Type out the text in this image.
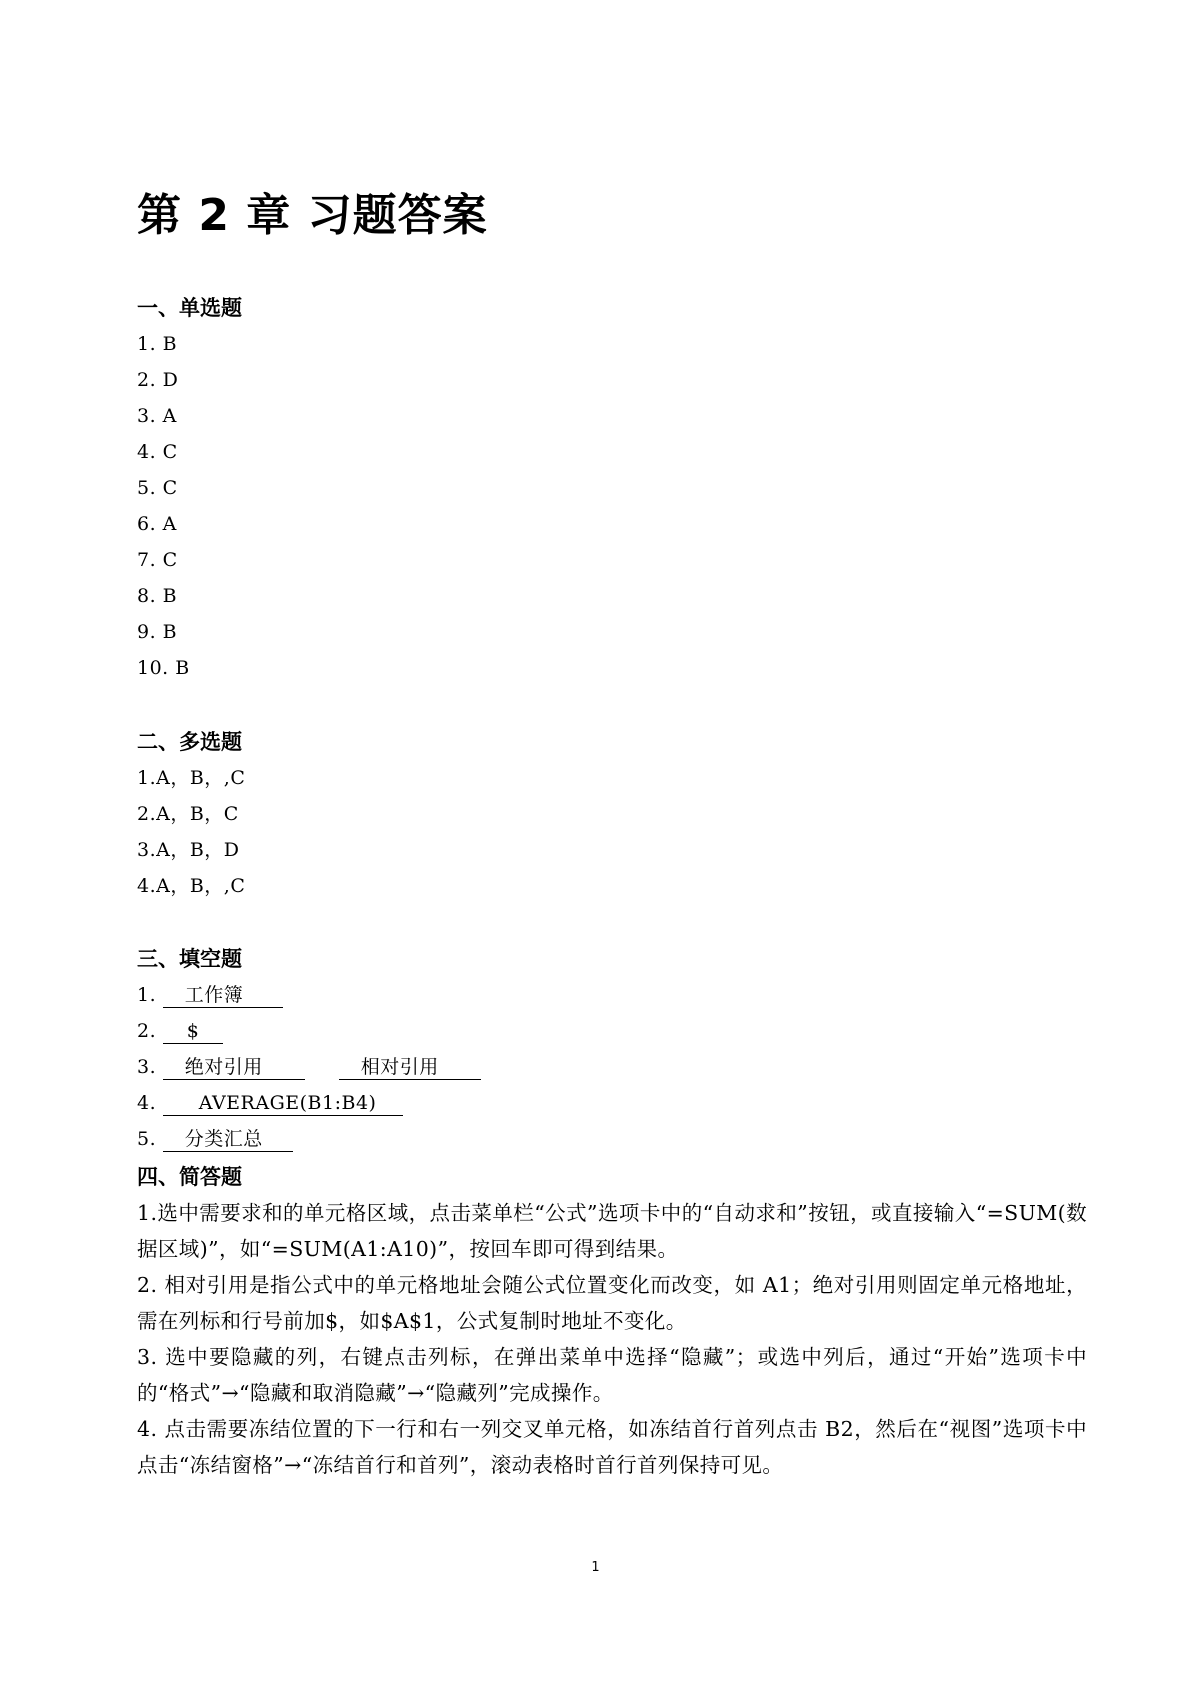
第 2 章 习题答案
一、单选题
1. B
2. D
3. A
4. C
5. C
6. A
7. C
8. B
9. B
10. B
二、多选题
1.A，B，,C
2.A，B，C
3.A，B，D
4.A，B，,C
三、填空题
1. 工作簿
2. $
3. 绝对引用	相对引用
4. AVERAGE(B1:B4)
5. 分类汇总
四、简答题
1.选中需要求和的单元格区域，点击菜单栏“公式”选项卡中的“自动求和”按钮，或直接输入“=SUM(数据区域)”，如“=SUM(A1:A10)”，按回车即可得到结果。
2. 相对引用是指公式中的单元格地址会随公式位置变化而改变，如 A1；绝对引用则固定单元格地址，需在列标和行号前加$，如$A$1，公式复制时地址不变化。
3. 选中要隐藏的列，右键点击列标，在弹出菜单中选择“隐藏”；或选中列后，通过“开始”选项卡中的“格式”→“隐藏和取消隐藏”→“隐藏列”完成操作。
4. 点击需要冻结位置的下一行和右一列交叉单元格，如冻结首行首列点击 B2，然后在“视图”选项卡中点击“冻结窗格”→“冻结首行和首列”，滚动表格时首行首列保持可见。
1
